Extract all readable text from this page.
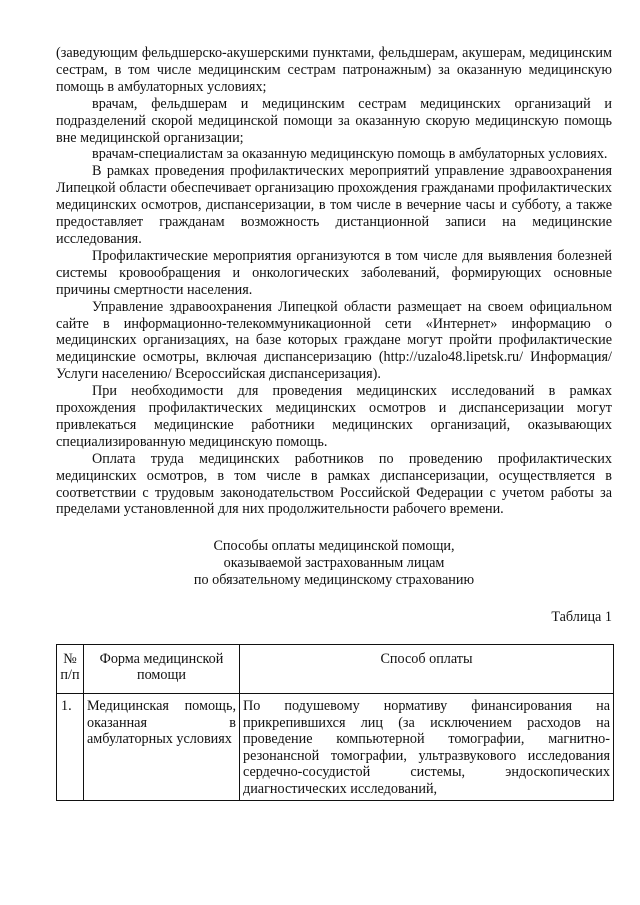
(заведующим фельдшерско-акушерскими пунктами, фельдшерам, акушерам, медицинским сестрам, в том числе медицинским сестрам патронажным) за оказанную медицинскую помощь в амбулаторных условиях;

врачам, фельдшерам и медицинским сестрам медицинских организаций и подразделений скорой медицинской помощи за оказанную скорую медицинскую помощь вне медицинской организации;

врачам-специалистам за оказанную медицинскую помощь в амбулаторных условиях.

В рамках проведения профилактических мероприятий управление здравоохранения Липецкой области обеспечивает организацию прохождения гражданами профилактических медицинских осмотров, диспансеризации, в том числе в вечерние часы и субботу, а также предоставляет гражданам возможность дистанционной записи на медицинские исследования.

Профилактические мероприятия организуются в том числе для выявления болезней системы кровообращения и онкологических заболеваний, формирующих основные причины смертности населения.

Управление здравоохранения Липецкой области размещает на своем официальном сайте в информационно-телекоммуникационной сети «Интернет» информацию о медицинских организациях, на базе которых граждане могут пройти профилактические медицинские осмотры, включая диспансеризацию (http://uzalo48.lipetsk.ru/ Информация/ Услуги населению/ Всероссийская диспансеризация).

При необходимости для проведения медицинских исследований в рамках прохождения профилактических медицинских осмотров и диспансеризации могут привлекаться медицинские работники медицинских организаций, оказывающих специализированную медицинскую помощь.

Оплата труда медицинских работников по проведению профилактических медицинских осмотров, в том числе в рамках диспансеризации, осуществляется в соответствии с трудовым законодательством Российской Федерации с учетом работы за пределами установленной для них продолжительности рабочего времени.

Способы оплаты медицинской помощи,
оказываемой застрахованным лицам
по обязательному медицинскому страхованию
Таблица 1
№ п/п	Форма медицинской помощи	Способ оплаты
1.	Медицинская помощь, оказанная в амбулаторных условиях	По подушевому нормативу финансирования на прикрепившихся лиц (за исключением расходов на проведение компьютерной томографии, магнитно-резонансной томографии, ультразвукового исследования сердечно-сосудистой системы, эндоскопических диагностических исследований,
